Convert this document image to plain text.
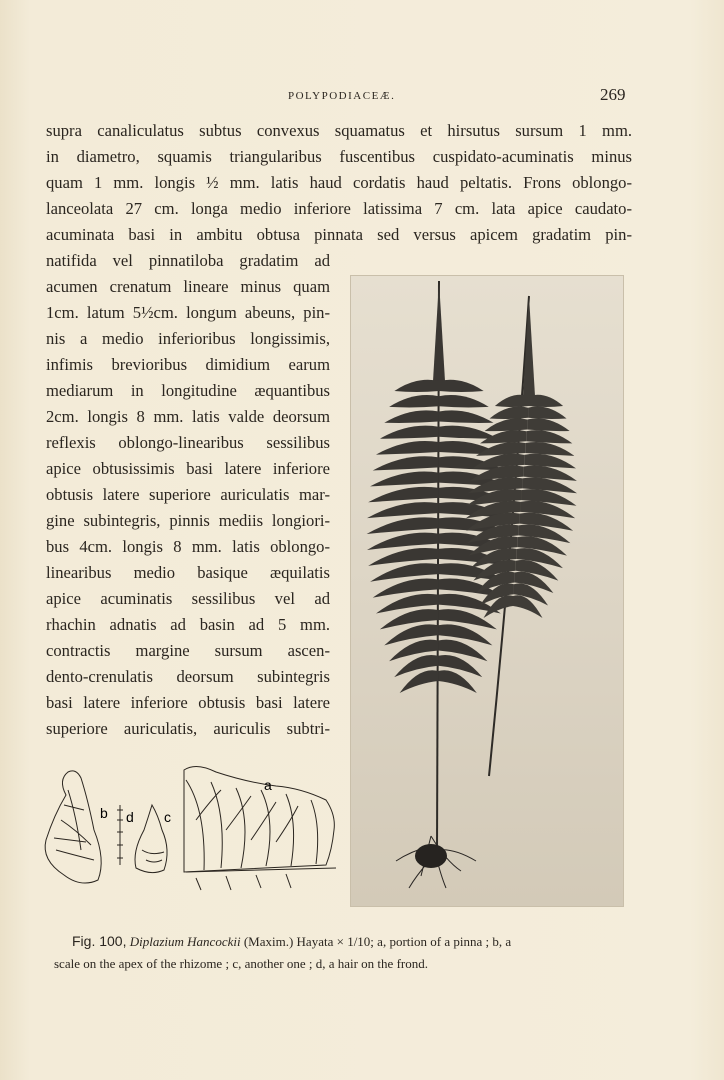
POLYPODIACEÆ.	269
supra canaliculatus subtus convexus squamatus et hirsutus sursum 1 mm.
in diametro, squamis triangularibus fuscentibus cuspidato-acuminatis minus
quam 1 mm. longis ½ mm. latis haud cordatis haud peltatis. Frons oblongo-
lanceolata 27 cm. longa medio inferiore latissima 7 cm. lata apice caudato-
acuminata basi in ambitu obtusa pinnata sed versus apicem gradatim pin-
natifida vel pinnatiloba gradatim ad
acumen crenatum lineare minus quam
1cm. latum 5½cm. longum abeuns, pin-
nis a medio inferioribus longissimis,
infimis brevioribus dimidium earum
mediarum in longitudine æquantibus
2cm. longis 8 mm. latis valde deorsum
reflexis oblongo-linearibus sessilibus
apice obtusissimis basi latere inferiore
obtusis latere superiore auriculatis mar-
gine subintegris, pinnis mediis longiori-
bus 4cm. longis 8 mm. latis oblongo-
linearibus medio basique æquilatis
apice acuminatis sessilibus vel ad
rhachin adnatis ad basin ad 5 mm.
contractis margine sursum ascen-
dento-crenulatis deorsum subintegris
basi latere inferiore obtusis basi latere
superiore auriculatis, auriculis subtri-
b d c
a
Fig. 100, Diplazium Hancockii (Maxim.) Hayata × 1/10; a, portion of a pinna ; b, a
scale on the apex of the rhizome ; c, another one ; d, a hair on the frond.
